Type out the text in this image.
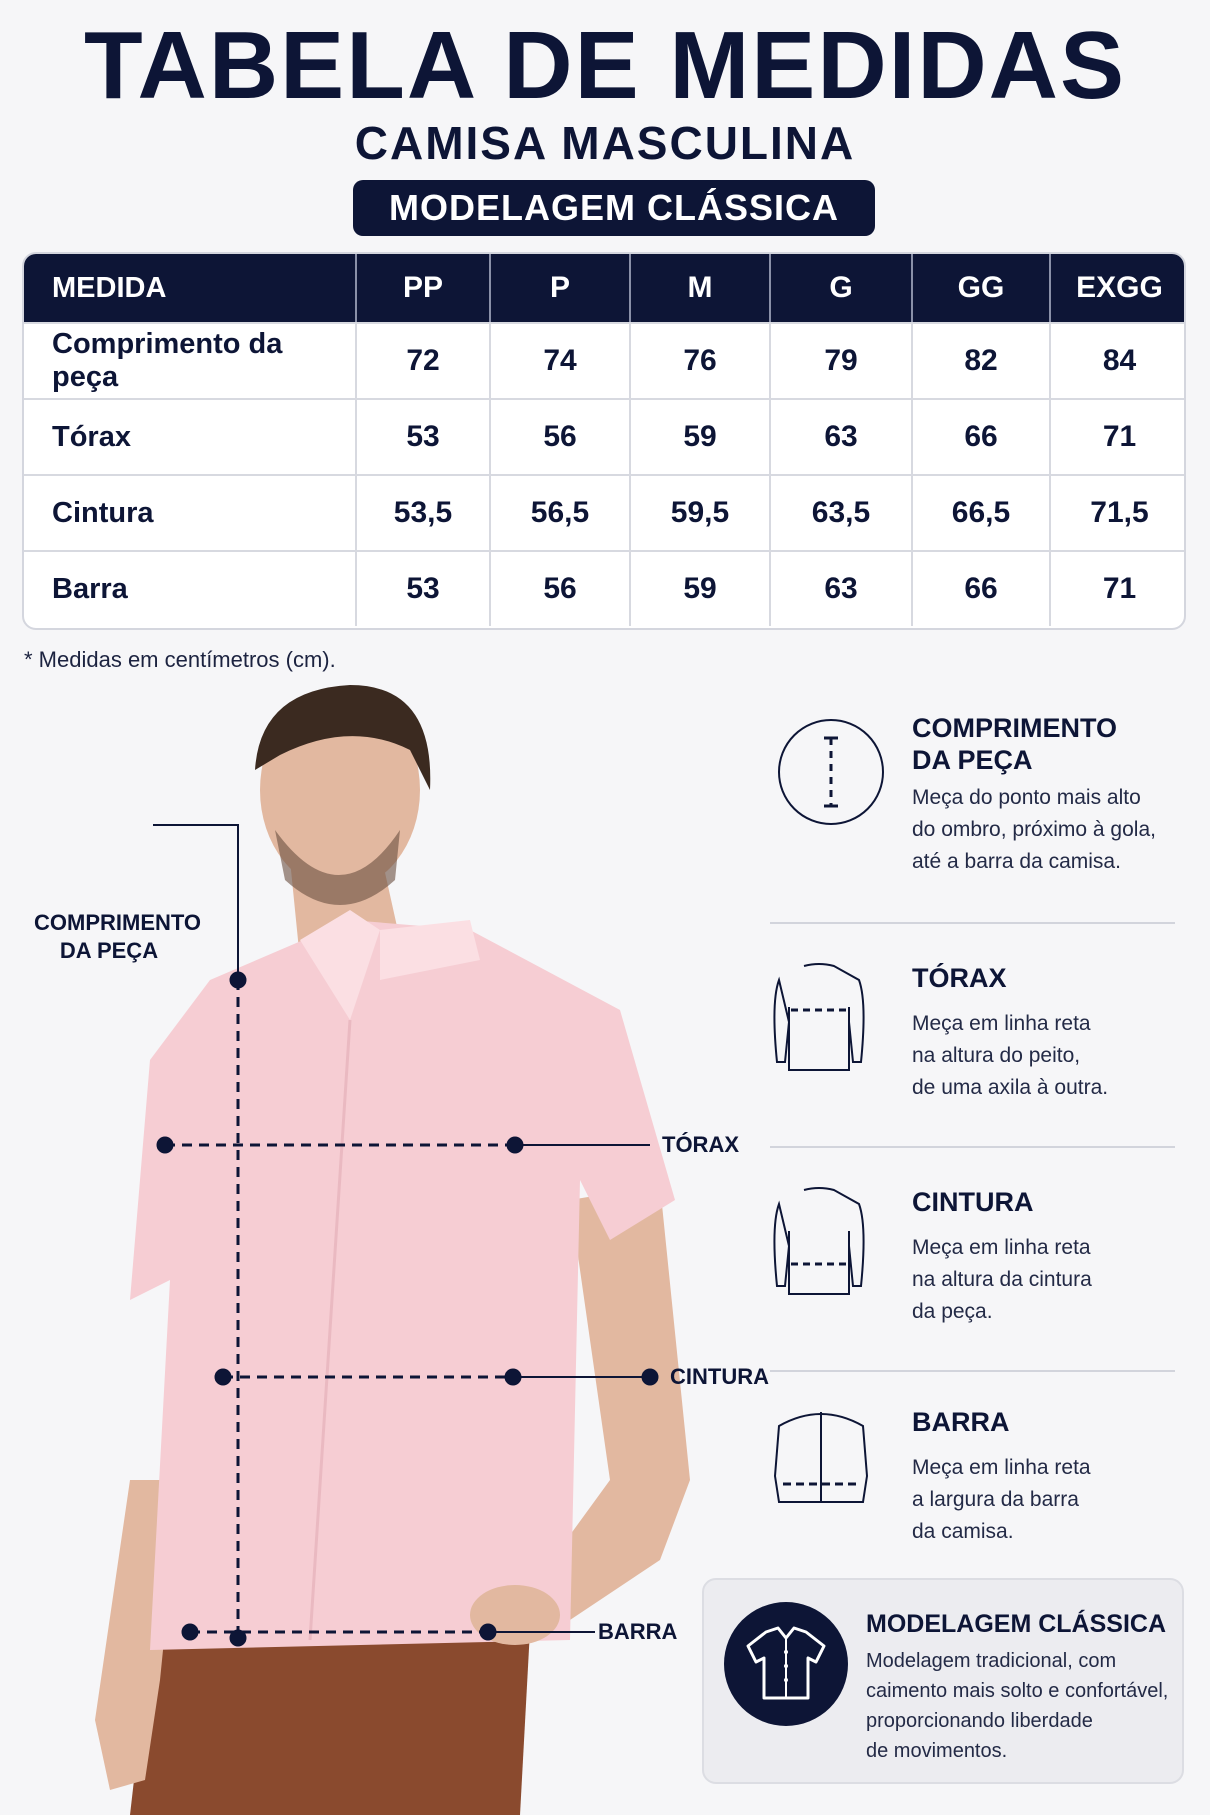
TABELA DE MEDIDAS
CAMISA MASCULINA
MODELAGEM CLÁSSICA
MEDIDA	PP	P	M	G	GG	EXGG
Comprimento da peça	72	74	76	79	82	84
Tórax	53	56	59	63	66	71
Cintura	53,5	56,5	59,5	63,5	66,5	71,5
Barra	53	56	59	63	66	71
* Medidas em centímetros (cm).
COMPRIMENTO
DA PEÇA
TÓRAX
CINTURA
BARRA
COMPRIMENTO
DA PEÇA
Meça do ponto mais alto
do ombro, próximo à gola,
até a barra da camisa.
TÓRAX
Meça em linha reta
na altura do peito,
de uma axila à outra.
CINTURA
Meça em linha reta
na altura da cintura
da peça.
BARRA
Meça em linha reta
a largura da barra
da camisa.
MODELAGEM CLÁSSICA
Modelagem tradicional, com
caimento mais solto e confortável,
proporcionando liberdade
de movimentos.
